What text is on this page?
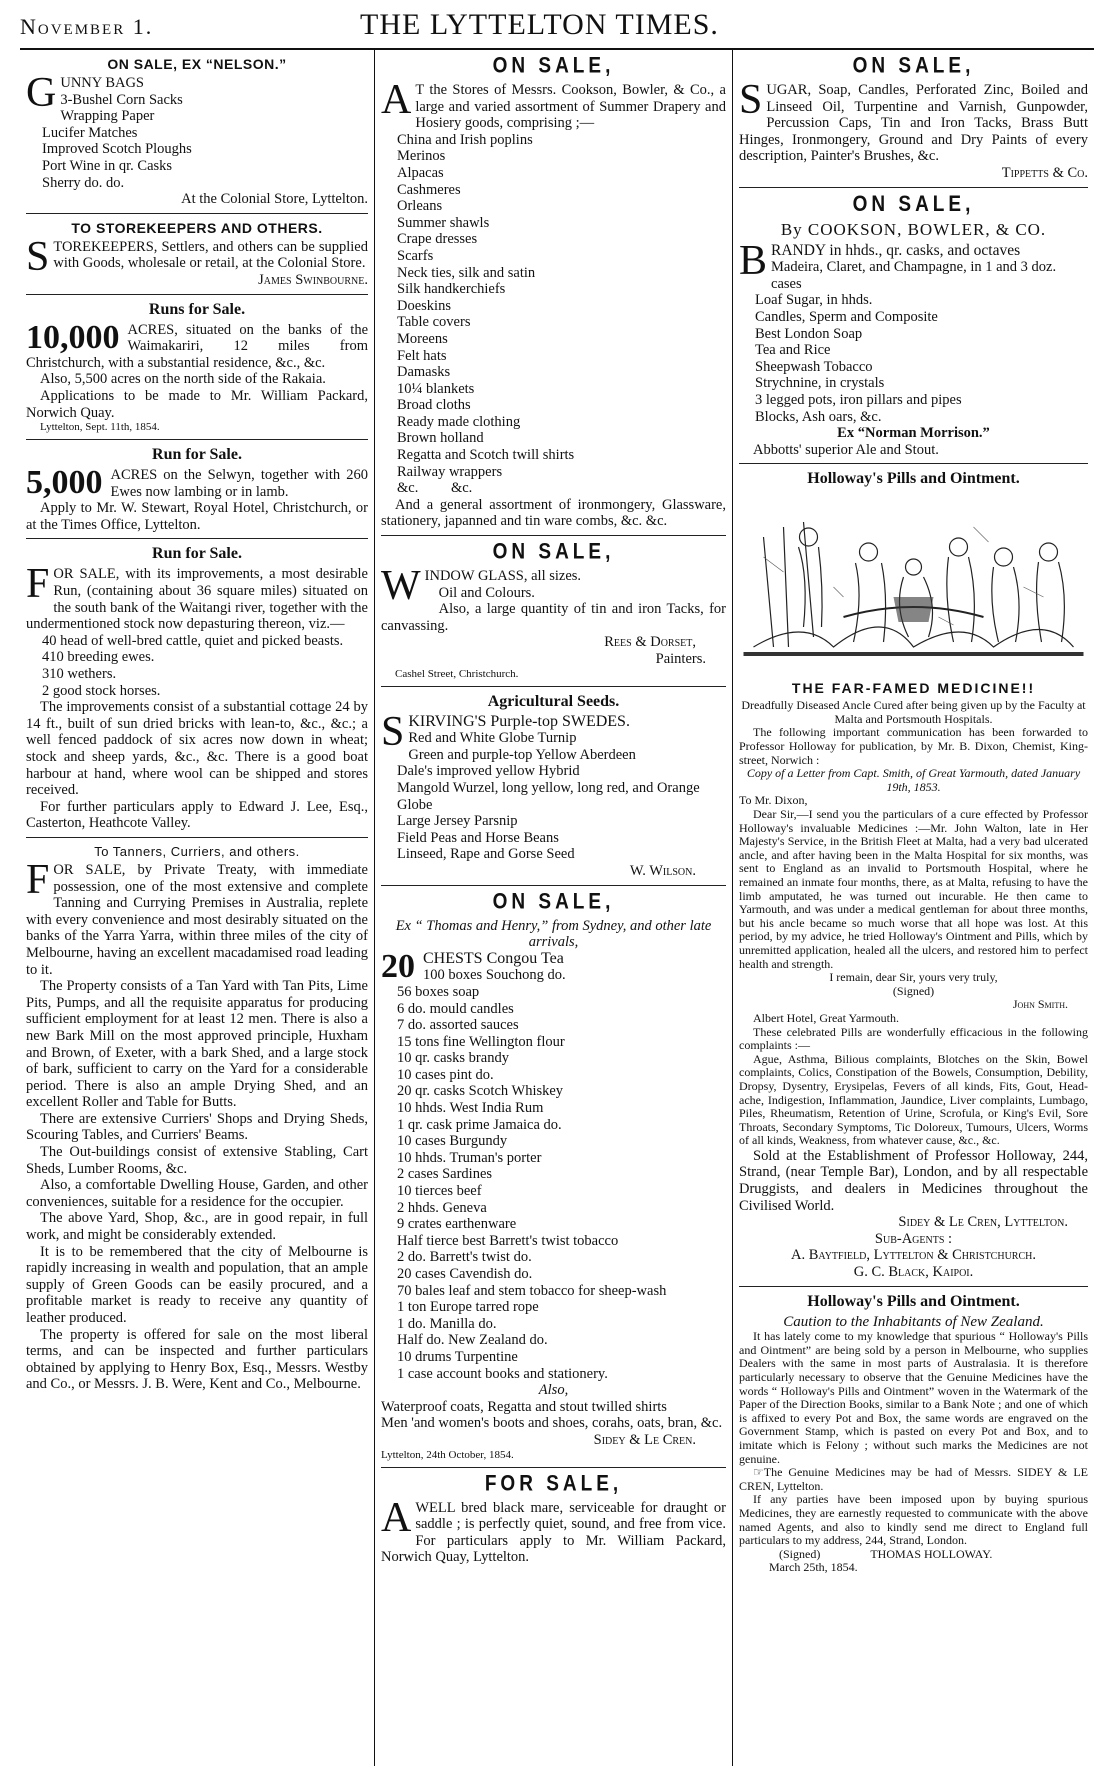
November 1.	THE LYTTELTON TIMES.
ON SALE, EX “NELSON.”

GUNNY BAGS

3-Bushel Corn Sacks
Wrapping Paper
Lucifer Matches
Improved Scotch Ploughs
Port Wine in qr. Casks
Sherry do. do.

At the Colonial Store, Lyttelton.

TO STOREKEEPERS AND OTHERS.

STOREKEEPERS, Settlers, and others can be supplied with Goods, wholesale or retail, at the Colonial Store.

James Swinbourne.

Runs for Sale.

10,000 ACRES, situated on the banks of the Waimakariri, 12 miles from Christchurch, with a substantial residence, &c., &c.

Also, 5,500 acres on the north side of the Rakaia.

Applications to be made to Mr. William Packard, Norwich Quay.

Lyttelton, Sept. 11th, 1854.

Run for Sale.

5,000 ACRES on the Selwyn, together with 260 Ewes now lambing or in lamb.

Apply to Mr. W. Stewart, Royal Hotel, Christchurch, or at the Times Office, Lyttelton.

Run for Sale.

FOR SALE, with its improvements, a most desirable Run, (containing about 36 square miles) situated on the south bank of the Waitangi river, together with the undermentioned stock now depasturing thereon, viz.—

40 head of well-bred cattle, quiet and picked beasts.
410 breeding ewes.
310 wethers.
2 good stock horses.

The improvements consist of a substantial cottage 24 by 14 ft., built of sun dried bricks with lean-to, &c., &c.; a well fenced paddock of six acres now down in wheat; stock and sheep yards, &c., &c. There is a good boat harbour at hand, where wool can be shipped and stores received.

For further particulars apply to Edward J. Lee, Esq., Casterton, Heathcote Valley.

To Tanners, Curriers, and others.

FOR SALE, by Private Treaty, with immediate possession, one of the most extensive and complete Tanning and Currying Premises in Australia, replete with every convenience and most desirably situated on the banks of the Yarra Yarra, within three miles of the city of Melbourne, having an excellent macadamised road leading to it.

The Property consists of a Tan Yard with Tan Pits, Lime Pits, Pumps, and all the requisite apparatus for producing sufficient employment for at least 12 men. There is also a new Bark Mill on the most approved principle, Huxham and Brown, of Exeter, with a bark Shed, and a large stock of bark, sufficient to carry on the Yard for a considerable period. There is also an ample Drying Shed, and an excellent Roller and Table for Butts.

There are extensive Curriers' Shops and Drying Sheds, Scouring Tables, and Curriers' Beams.

The Out-buildings consist of extensive Stabling, Cart Sheds, Lumber Rooms, &c.

Also, a comfortable Dwelling House, Garden, and other conveniences, suitable for a residence for the occupier.

The above Yard, Shop, &c., are in good repair, in full work, and might be considerably extended.

It is to be remembered that the city of Melbourne is rapidly increasing in wealth and population, that an ample supply of Green Goods can be easily procured, and a profitable market is ready to receive any quantity of leather produced.

The property is offered for sale on the most liberal terms, and can be inspected and further particulars obtained by applying to Henry Box, Esq., Messrs. Westby and Co., or Messrs. J. B. Were, Kent and Co., Melbourne.

ON SALE,

A T the Stores of Messrs. Cookson, Bowler, & Co., a large and varied assortment of Summer Drapery and Hosiery goods, comprising ;—

China and Irish poplins
Merinos
Alpacas
Cashmeres
Orleans
Summer shawls
Crape dresses
Scarfs
Neck ties, silk and satin
Silk handkerchiefs
Doeskins
Table covers
Moreens
Felt hats
Damasks
10¼ blankets
Broad cloths
Ready made clothing
Brown holland
Regatta and Scotch twill shirts
Railway wrappers
&c.         &c.

And a general assortment of ironmongery, Glassware, stationery, japanned and tin ware combs, &c. &c.

ON SALE,

WINDOW GLASS, all sizes.

Oil and Colours.

Also, a large quantity of tin and iron Tacks, for canvassing.

Rees & Dorset,

Painters.

Cashel Street, Christchurch.

Agricultural Seeds.

SKIRVING'S Purple-top SWEDES.

Red and White Globe Turnip
Green and purple-top Yellow Aberdeen
Dale's improved yellow Hybrid
Mangold Wurzel, long yellow, long red, and Orange Globe
Large Jersey Parsnip
Field Peas and Horse Beans
Linseed, Rape and Gorse Seed

W. Wilson.

ON SALE,

Ex “ Thomas and Henry,” from Sydney, and other late arrivals,

20 CHESTS Congou Tea

100 boxes Souchong do.
56 boxes soap
6 do. mould candles
7 do. assorted sauces
15 tons fine Wellington flour
10 qr. casks brandy
10 cases pint do.
20 qr. casks Scotch Whiskey
10 hhds. West India Rum
1 qr. cask prime Jamaica do.
10 cases Burgundy
10 hhds. Truman's porter
2 cases Sardines
10 tierces beef
2 hhds. Geneva
9 crates earthenware
Half tierce best Barrett's twist tobacco
2 do. Barrett's twist do.
20 cases Cavendish do.
70 bales leaf and stem tobacco for sheep-wash
1 ton Europe tarred rope
1 do. Manilla do.
Half do. New Zealand do.
10 drums Turpentine
1 case account books and stationery.

Also,

Waterproof coats, Regatta and stout twilled shirts

Men 'and women's boots and shoes, corahs, oats, bran, &c.

Sidey & Le Cren.

Lyttelton, 24th October, 1854.

FOR SALE,

AWELL bred black mare, serviceable for draught or saddle ; is perfectly quiet, sound, and free from vice. For particulars apply to Mr. William Packard, Norwich Quay, Lyttelton.

ON SALE,

SUGAR, Soap, Candles, Perforated Zinc, Boiled and Linseed Oil, Turpentine and Varnish, Gunpowder, Percussion Caps, Tin and Iron Tacks, Brass Butt Hinges, Ironmongery, Ground and Dry Paints of every description, Painter's Brushes, &c.

Tippetts & Co.

ON SALE,
By COOKSON, BOWLER, & CO.

BRANDY in hhds., qr. casks, and octaves

Madeira, Claret, and Champagne, in 1 and 3 doz. cases
Loaf Sugar, in hhds.
Candles, Sperm and Composite
Best London Soap
Tea and Rice
Sheepwash Tobacco
Strychnine, in crystals
3 legged pots, iron pillars and pipes
Blocks, Ash oars, &c.

Ex “Norman Morrison.”

Abbotts' superior Ale and Stout.

Holloway's Pills and Ointment.
THE FAR-FAMED MEDICINE!!

Dreadfully Diseased Ancle Cured after being given up by the Faculty at Malta and Portsmouth Hospitals.

The following important communication has been forwarded to Professor Holloway for publication, by Mr. B. Dixon, Chemist, King-street, Norwich :

Copy of a Letter from Capt. Smith, of Great Yarmouth, dated January 19th, 1853.

To Mr. Dixon,

Dear Sir,—I send you the particulars of a cure effected by Professor Holloway's invaluable Medicines :—Mr. John Walton, late in Her Majesty's Service, in the British Fleet at Malta, had a very bad ulcerated ancle, and after having been in the Malta Hospital for six months, was sent to England as an invalid to Portsmouth Hospital, where he remained an inmate four months, there, as at Malta, refusing to have the limb amputated, he was turned out incurable. He then came to Yarmouth, and was under a medical gentleman for about three months, but his ancle became so much worse that all hope was lost. At this period, by my advice, he tried Holloway's Ointment and Pills, which by unremitted application, healed all the ulcers, and restored him to perfect health and strength.

I remain, dear Sir, yours very truly,

(Signed)

John Smith.

Albert Hotel, Great Yarmouth.

These celebrated Pills are wonderfully efficacious in the following complaints :—

Ague, Asthma, Bilious complaints, Blotches on the Skin, Bowel complaints, Colics, Constipation of the Bowels, Consumption, Debility, Dropsy, Dysentry, Erysipelas, Fevers of all kinds, Fits, Gout, Head-ache, Indigestion, Inflammation, Jaundice, Liver complaints, Lumbago, Piles, Rheumatism, Retention of Urine, Scrofula, or King's Evil, Sore Throats, Secondary Symptoms, Tic Doloreux, Tumours, Ulcers, Worms of all kinds, Weakness, from whatever cause, &c., &c.

Sold at the Establishment of Professor Holloway, 244, Strand, (near Temple Bar), London, and by all respectable Druggists, and dealers in Medicines throughout the Civilised World.

Sidey & Le Cren, Lyttelton.

Sub-Agents :

A. Baytfield, Lyttelton & Christchurch.

G. C. Black, Kaipoi.

Holloway's Pills and Ointment.

Caution to the Inhabitants of New Zealand.

It has lately come to my knowledge that spurious “ Holloway's Pills and Ointment” are being sold by a person in Melbourne, who supplies Dealers with the same in most parts of Australasia. It is therefore particularly necessary to observe that the Genuine Medicines have the words “ Holloway's Pills and Ointment” woven in the Watermark of the Paper of the Direction Books, similar to a Bank Note ; and one of which is affixed to every Pot and Box, the same words are engraved on the Government Stamp, which is pasted on every Pot and Box, and to imitate which is Felony ; without such marks the Medicines are not genuine.

☞The Genuine Medicines may be had of Messrs. SIDEY & LE CREN, Lyttelton.

If any parties have been imposed upon by buying spurious Medicines, they are earnestly requested to communicate with the above named Agents, and also to kindly send me direct to England full particulars to my address, 244, Strand, London.

(Signed)	THOMAS HOLLOWAY.

March 25th, 1854.
